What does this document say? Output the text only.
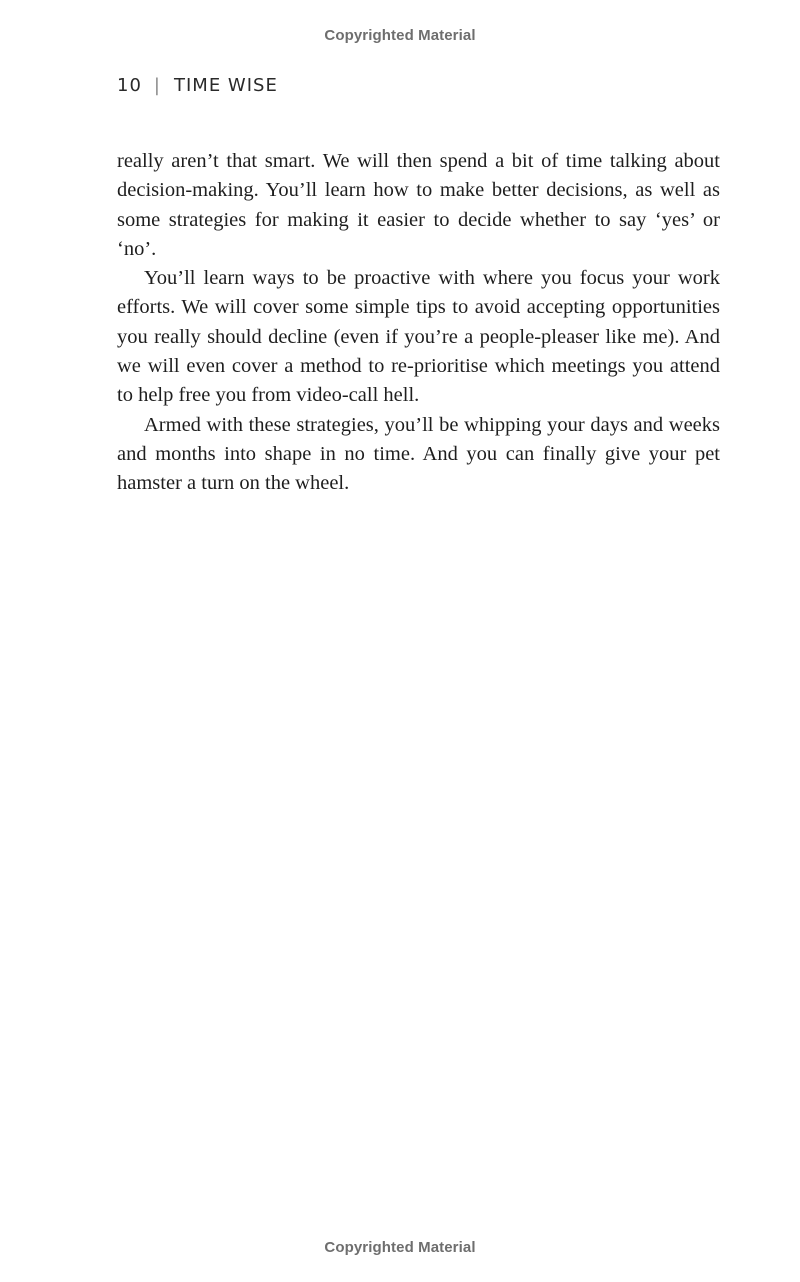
Copyrighted Material
10 | TIME WISE

really aren’t that smart. We will then spend a bit of time talking about decision-making. You’ll learn how to make better decisions, as well as some strategies for making it easier to decide whether to say ‘yes’ or ‘no’.

You’ll learn ways to be proactive with where you focus your work efforts. We will cover some simple tips to avoid accepting opportunities you really should decline (even if you’re a people-pleaser like me). And we will even cover a method to re-prioritise which meetings you attend to help free you from video-call hell.

Armed with these strategies, you’ll be whipping your days and weeks and months into shape in no time. And you can finally give your pet hamster a turn on the wheel.

Copyrighted Material
